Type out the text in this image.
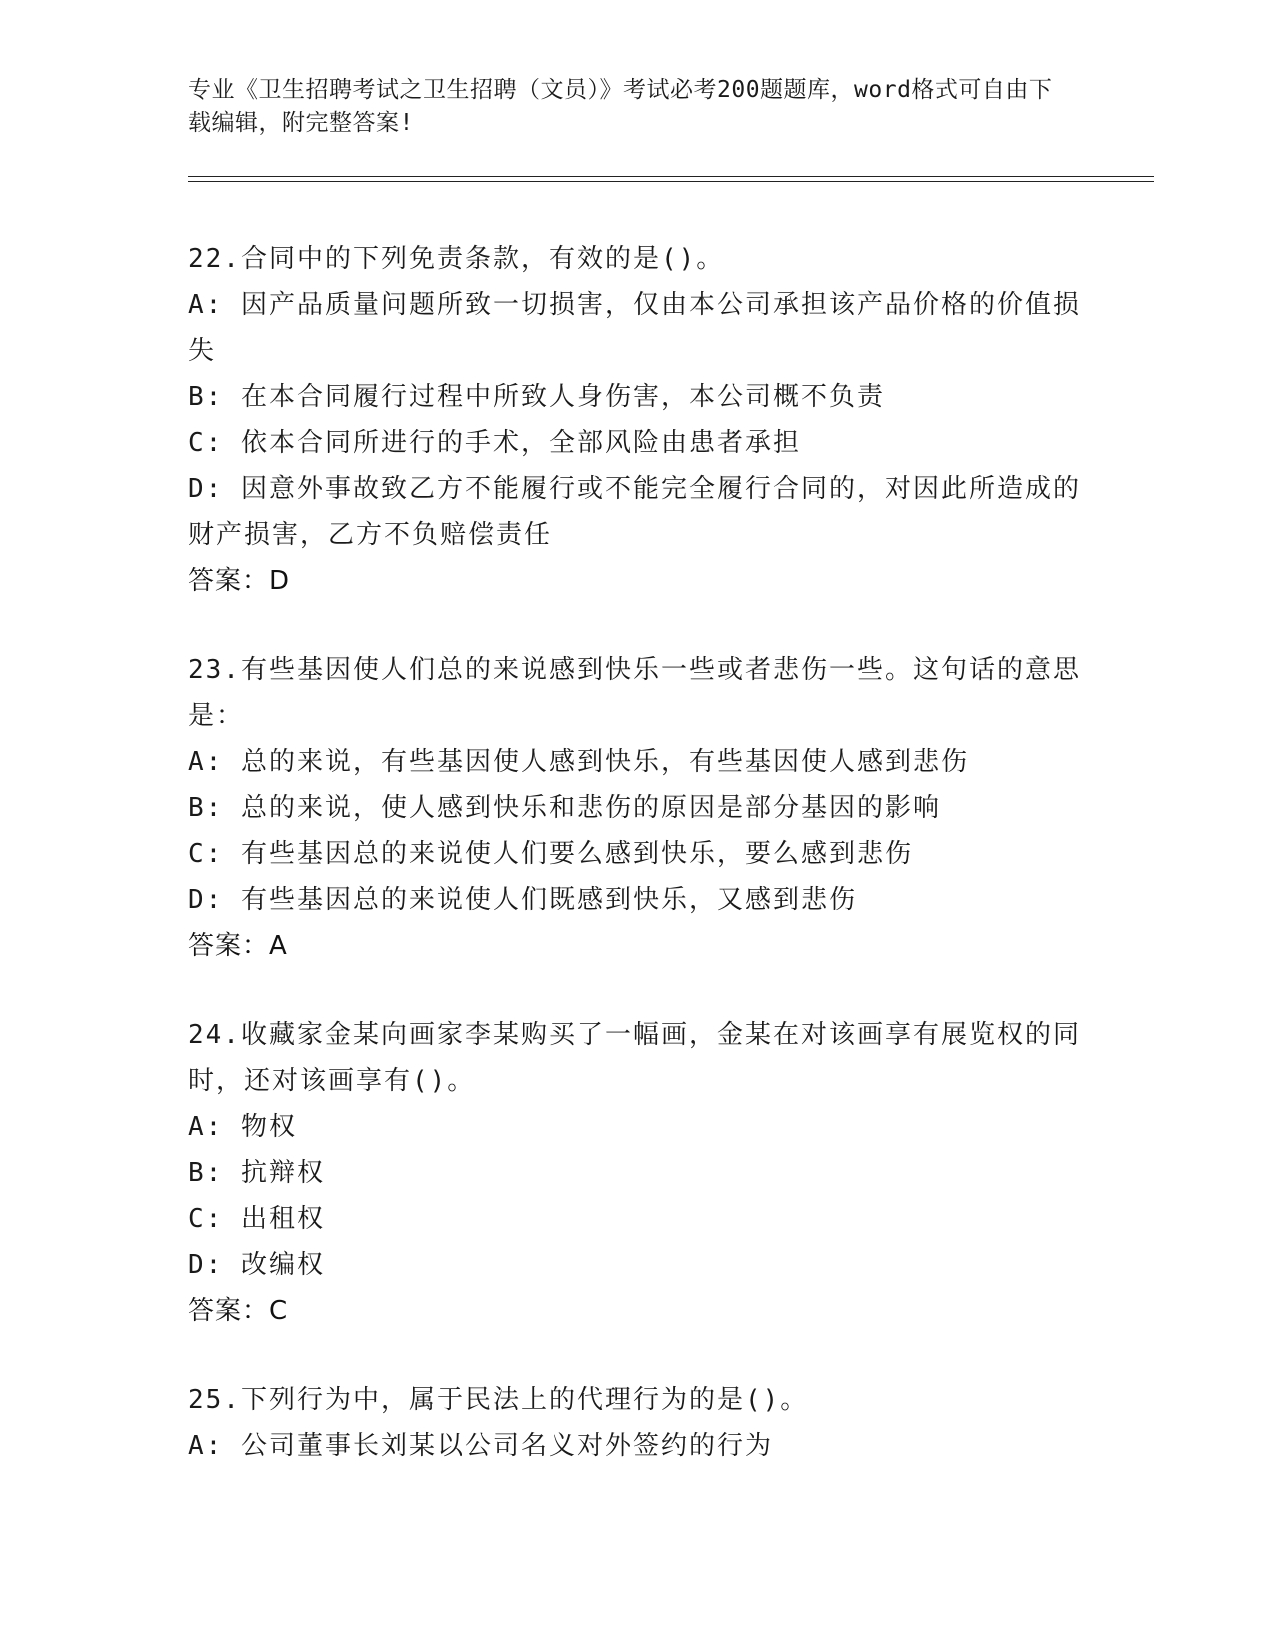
专业《卫生招聘考试之卫生招聘（文员）》考试必考200题题库，word格式可自由下载编辑，附完整答案!
22.合同中的下列免责条款，有效的是()。
A: 因产品质量问题所致一切损害，仅由本公司承担该产品价格的价值损失
B: 在本合同履行过程中所致人身伤害，本公司概不负责
C: 依本合同所进行的手术，全部风险由患者承担
D: 因意外事故致乙方不能履行或不能完全履行合同的，对因此所造成的财产损害，乙方不负赔偿责任
答案：D
23.有些基因使人们总的来说感到快乐一些或者悲伤一些。这句话的意思是：
A: 总的来说，有些基因使人感到快乐，有些基因使人感到悲伤
B: 总的来说，使人感到快乐和悲伤的原因是部分基因的影响
C: 有些基因总的来说使人们要么感到快乐，要么感到悲伤
D: 有些基因总的来说使人们既感到快乐，又感到悲伤
答案：A
24.收藏家金某向画家李某购买了一幅画，金某在对该画享有展览权的同时，还对该画享有()。
A: 物权
B: 抗辩权
C: 出租权
D: 改编权
答案：C
25.下列行为中，属于民法上的代理行为的是()。
A: 公司董事长刘某以公司名义对外签约的行为
